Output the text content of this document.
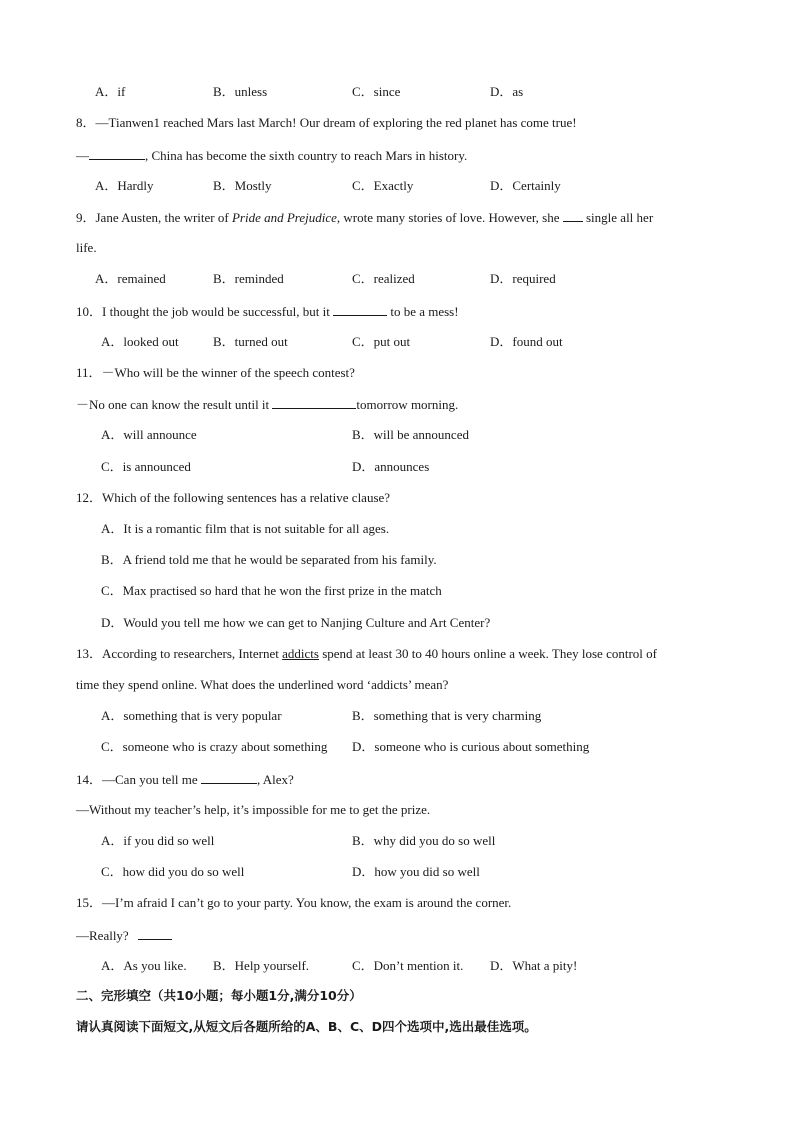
A．if	B．unless	C．since	D．as
8．—Tianwen1 reached Mars last March! Our dream of exploring the red planet has come true!
—	, China has become the sixth country to reach Mars in history.
A．Hardly	B．Mostly	C．Exactly	D．Certainly
9．Jane Austen, the writer of Pride and Prejudice, wrote many stories of love. However, she single all her
life.
A．remained	B．reminded	C．realized	D．required
10．I thought the job would be successful, but it	to be a mess!
A．looked out	B．turned out	C．put out	D．found out
11．－Who will be the winner of the speech contest?
－No one can know the result until it	tomorrow morning.
A．will announce	B．will be announced
C．is announced	D．announces
12．Which of the following sentences has a relative clause?
A．It is a romantic film that is not suitable for all ages.
B．A friend told me that he would be separated from his family.
C．Max practised so hard that he won the first prize in the match
D．Would you tell me how we can get to Nanjing Culture and Art Center?
13．According to researchers, Internet addicts spend at least 30 to 40 hours online a week. They lose control of
time they spend online. What does the underlined word ‘addicts’ mean?
A．something that is very popular	B．something that is very charming
C．someone who is crazy about something D．someone who is curious about something
14．—Can you tell me	, Alex?
—Without my teacher’s help, it’s impossible for me to get the prize.
A．if you did so well	B．why did you do so well
C．how did you do so well	D．how you did so well
15．—I’m afraid I can’t go to your party. You know, the exam is around the corner.
—Really?
A．As you like. B．Help yourself.	C．Don’t mention it. D．What a pity!
二、完形填空（共10小题；每小题1分,满分10分）
请认真阅读下面短文,从短文后各题所给的A、B、C、D四个选项中,选出最佳选项。
